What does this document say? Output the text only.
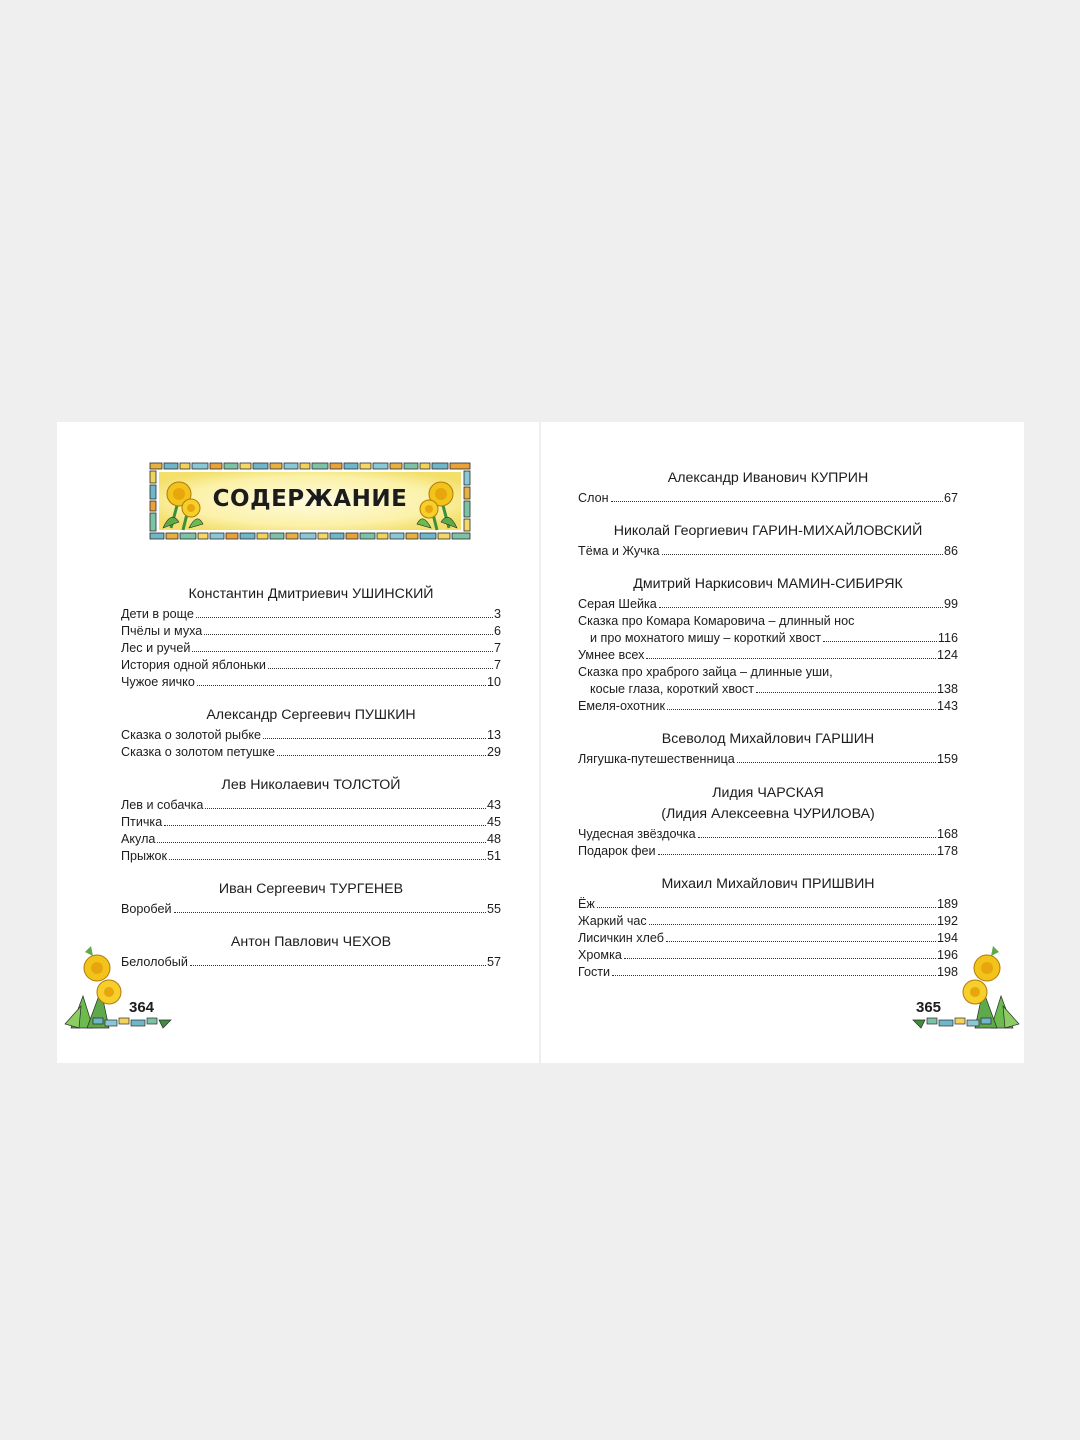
СОДЕРЖАНИЕ
Константин Дмитриевич УШИНСКИЙ
Дети в роще	3
Пчёлы и муха	6
Лес и ручей	7
История одной яблоньки	7
Чужое яичко	10
Александр Сергеевич ПУШКИН
Сказка о золотой рыбке	13
Сказка о золотом петушке	29
Лев Николаевич ТОЛСТОЙ
Лев и собачка	43
Птичка	45
Акула	48
Прыжок	51
Иван Сергеевич ТУРГЕНЕВ
Воробей	55
Антон Павлович ЧЕХОВ
Белолобый	57
364
Александр Иванович КУПРИН
Слон	67
Николай Георгиевич ГАРИН-МИХАЙЛОВСКИЙ
Тёма и Жучка	86
Дмитрий Наркисович МАМИН-СИБИРЯК
Серая Шейка	99
Сказка про Комара Комаровича – длинный нос
и про мохнатого мишу – короткий хвост	116
Умнее всех	124
Сказка про храброго зайца – длинные уши,
косые глаза, короткий хвост	138
Емеля-охотник	143
Всеволод Михайлович ГАРШИН
Лягушка-путешественница	159
Лидия ЧАРСКАЯ
(Лидия Алексеевна ЧУРИЛОВА)
Чудесная звёздочка	168
Подарок феи	178
Михаил Михайлович ПРИШВИН
Ёж	189
Жаркий час	192
Лисичкин хлеб	194
Хромка	196
Гости	198
365
